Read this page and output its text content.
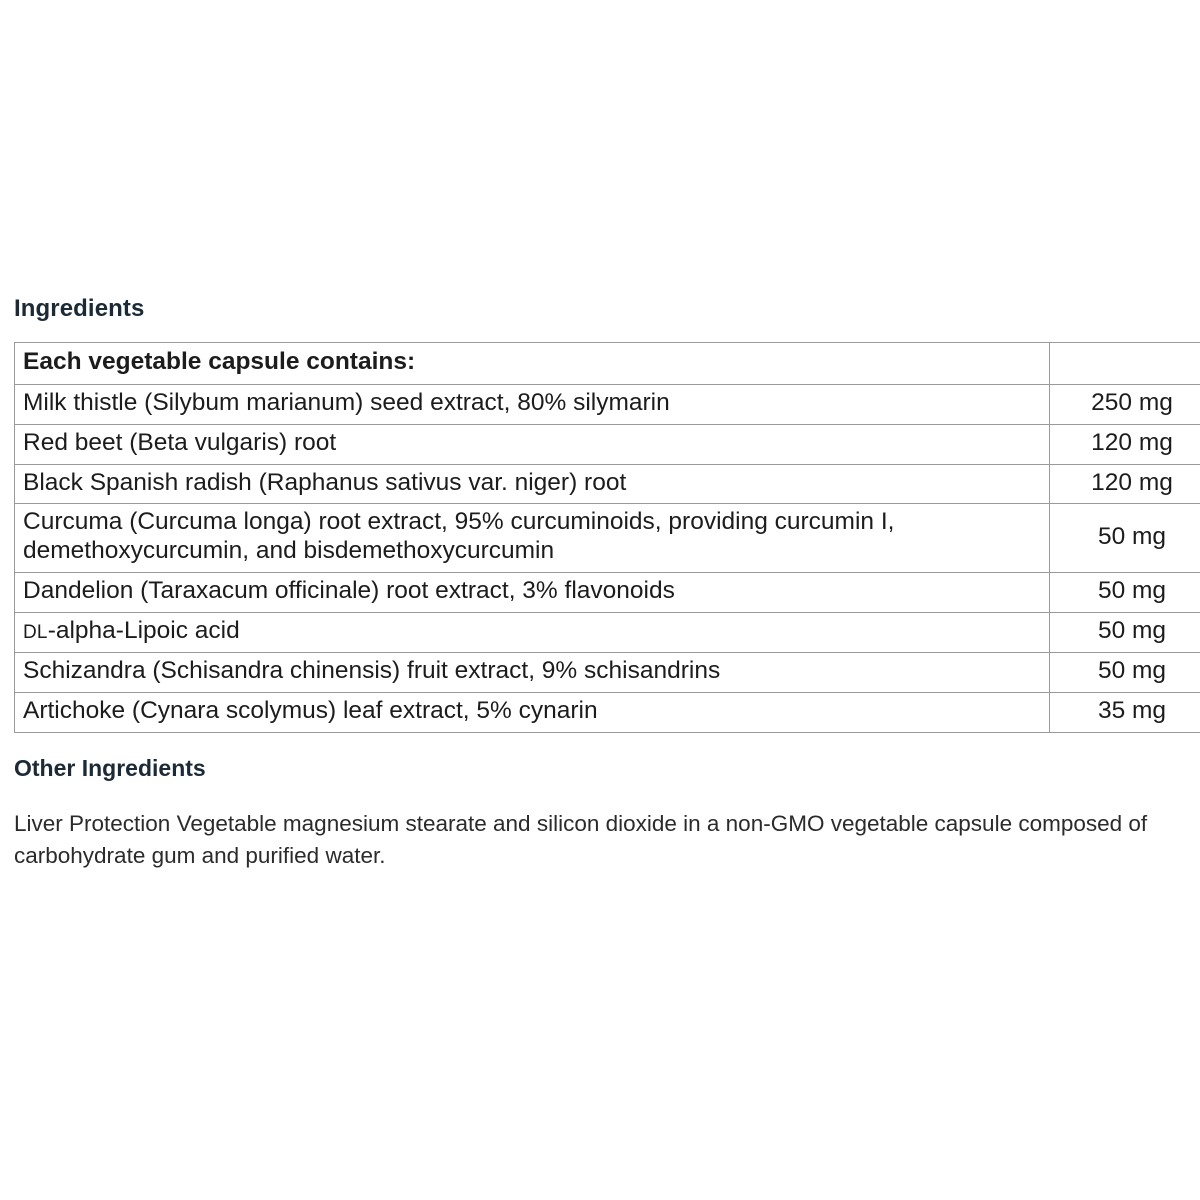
Ingredients
Each vegetable capsule contains:	
Milk thistle (Silybum marianum) seed extract, 80% silymarin	250 mg
Red beet (Beta vulgaris) root	120 mg
Black Spanish radish (Raphanus sativus var. niger) root	120 mg
Curcuma (Curcuma longa) root extract, 95% curcuminoids, providing curcumin I, demethoxycurcumin, and bisdemethoxycurcumin	50 mg
Dandelion (Taraxacum officinale) root extract, 3% flavonoids	50 mg
DL-alpha-Lipoic acid	50 mg
Schizandra (Schisandra chinensis) fruit extract, 9% schisandrins	50 mg
Artichoke (Cynara scolymus) leaf extract, 5% cynarin	35 mg
Other Ingredients

Liver Protection Vegetable magnesium stearate and silicon dioxide in a non-GMO vegetable capsule composed of carbohydrate gum and purified water.
